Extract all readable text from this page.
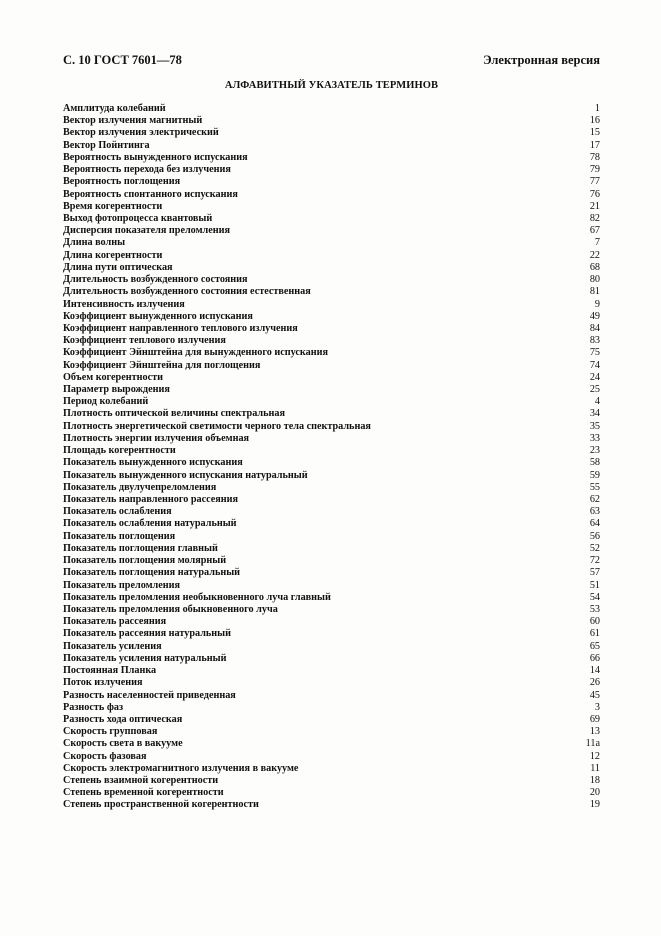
С. 10 ГОСТ 7601—78	Электронная версия
АЛФАВИТНЫЙ УКАЗАТЕЛЬ ТЕРМИНОВ
Амплитуда колебаний	1
Вектор излучения магнитный	16
Вектор излучения электрический	15
Вектор Пойнтинга	17
Вероятность вынужденного испускания	78
Вероятность перехода без излучения	79
Вероятность поглощения	77
Вероятность спонтанного испускания	76
Время когерентности	21
Выход фотопроцесса квантовый	82
Дисперсия показателя преломления	67
Длина волны	7
Длина когерентности	22
Длина пути оптическая	68
Длительность возбужденного состояния	80
Длительность возбужденного состояния естественная	81
Интенсивность излучения	9
Коэффициент вынужденного испускания	49
Коэффициент направленного теплового излучения	84
Коэффициент теплового излучения	83
Коэффициент Эйнштейна для вынужденного испускания	75
Коэффициент Эйнштейна для поглощения	74
Объем когерентности	24
Параметр вырождения	25
Период колебаний	4
Плотность оптической величины спектральная	34
Плотность энергетической светимости черного тела спектральная	35
Плотность энергии излучения объемная	33
Площадь когерентности	23
Показатель вынужденного испускания	58
Показатель вынужденного испускания натуральный	59
Показатель двулучепреломления	55
Показатель направленного рассеяния	62
Показатель ослабления	63
Показатель ослабления натуральный	64
Показатель поглощения	56
Показатель поглощения главный	52
Показатель поглощения молярный	72
Показатель поглощения натуральный	57
Показатель преломления	51
Показатель преломления необыкновенного луча главный	54
Показатель преломления обыкновенного луча	53
Показатель рассеяния	60
Показатель рассеяния натуральный	61
Показатель усиления	65
Показатель усиления натуральный	66
Постоянная Планка	14
Поток излучения	26
Разность населенностей приведенная	45
Разность фаз	3
Разность хода оптическая	69
Скорость групповая	13
Скорость света в вакууме	11а
Скорость фазовая	12
Скорость электромагнитного излучения в вакууме	11
Степень взаимной когерентности	18
Степень временной когерентности	20
Степень пространственной когерентности	19
